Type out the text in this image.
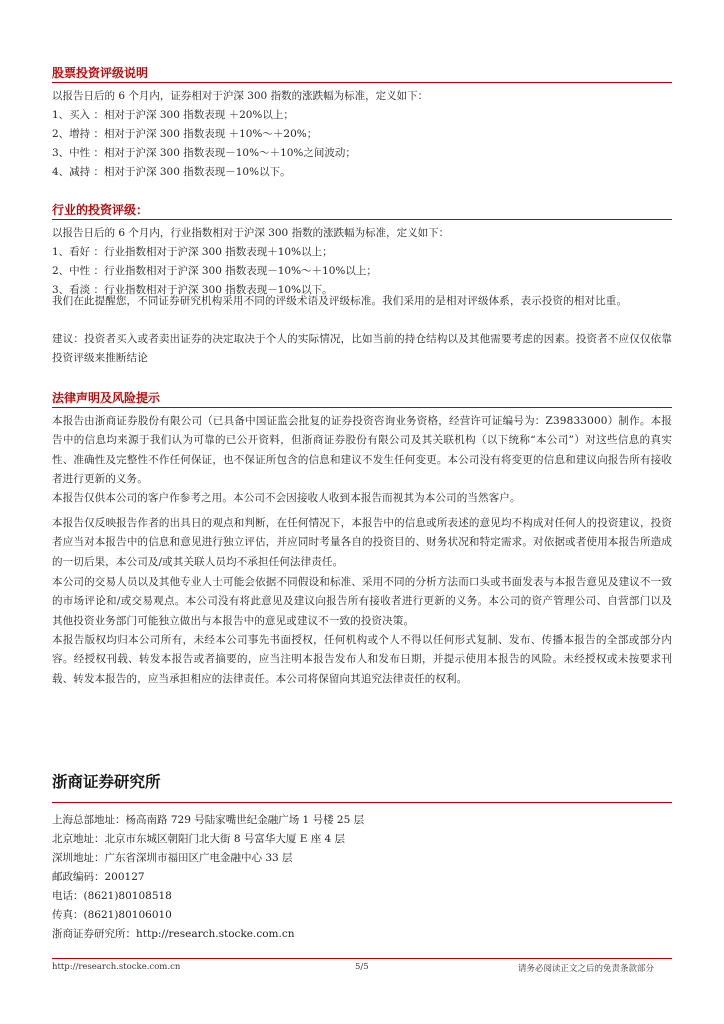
股票投资评级说明
以报告日后的 6 个月内，证券相对于沪深 300 指数的涨跌幅为标准，定义如下：
1、买入 ：相对于沪深 300 指数表现 ＋20%以上；
2、增持 ：相对于沪深 300 指数表现 ＋10%～＋20%；
3、中性 ：相对于沪深 300 指数表现－10%～＋10%之间波动；
4、减持 ：相对于沪深 300 指数表现－10%以下。
行业的投资评级：
以报告日后的 6 个月内，行业指数相对于沪深 300 指数的涨跌幅为标准，定义如下：
1、看好 ：行业指数相对于沪深 300 指数表现＋10%以上；
2、中性 ：行业指数相对于沪深 300 指数表现－10%～＋10%以上；
3、看淡 ：行业指数相对于沪深 300 指数表现－10%以下。

我们在此提醒您，不同证券研究机构采用不同的评级术语及评级标准。我们采用的是相对评级体系，表示投资的相对比重。

建议：投资者买入或者卖出证券的决定取决于个人的实际情况，比如当前的持仓结构以及其他需要考虑的因素。投资者不应仅仅依靠投资评级来推断结论

法律声明及风险提示

本报告由浙商证券股份有限公司（已具备中国证监会批复的证券投资咨询业务资格，经营许可证编号为：Z39833000）制作。本报告中的信息均来源于我们认为可靠的已公开资料，但浙商证券股份有限公司及其关联机构（以下统称“本公司”）对这些信息的真实性、准确性及完整性不作任何保证，也不保证所包含的信息和建议不发生任何变更。本公司没有将变更的信息和建议向报告所有接收者进行更新的义务。

本报告仅供本公司的客户作参考之用。本公司不会因接收人收到本报告而视其为本公司的当然客户。

本报告仅反映报告作者的出具日的观点和判断，在任何情况下，本报告中的信息或所表述的意见均不构成对任何人的投资建议，投资者应当对本报告中的信息和意见进行独立评估，并应同时考量各自的投资目的、财务状况和特定需求。对依据或者使用本报告所造成的一切后果，本公司及/或其关联人员均不承担任何法律责任。

本公司的交易人员以及其他专业人士可能会依据不同假设和标准、采用不同的分析方法而口头或书面发表与本报告意见及建议不一致的市场评论和/或交易观点。本公司没有将此意见及建议向报告所有接收者进行更新的义务。本公司的资产管理公司、自营部门以及其他投资业务部门可能独立做出与本报告中的意见或建议不一致的投资决策。

本报告版权均归本公司所有，未经本公司事先书面授权，任何机构或个人不得以任何形式复制、发布、传播本报告的全部或部分内容。经授权刊载、转发本报告或者摘要的，应当注明本报告发布人和发布日期，并提示使用本报告的风险。未经授权或未按要求刊载、转发本报告的，应当承担相应的法律责任。本公司将保留向其追究法律责任的权利。

浙商证券研究所
上海总部地址：杨高南路 729 号陆家嘴世纪金融广场 1 号楼 25 层
北京地址：北京市东城区朝阳门北大街 8 号富华大厦 E 座 4 层
深圳地址：广东省深圳市福田区广电金融中心 33 层
邮政编码：200127
电话：(8621)80108518
传真：(8621)80106010
浙商证券研究所：http://research.stocke.com.cn
http://research.stocke.com.cn	5/5	请务必阅读正文之后的免责条款部分
